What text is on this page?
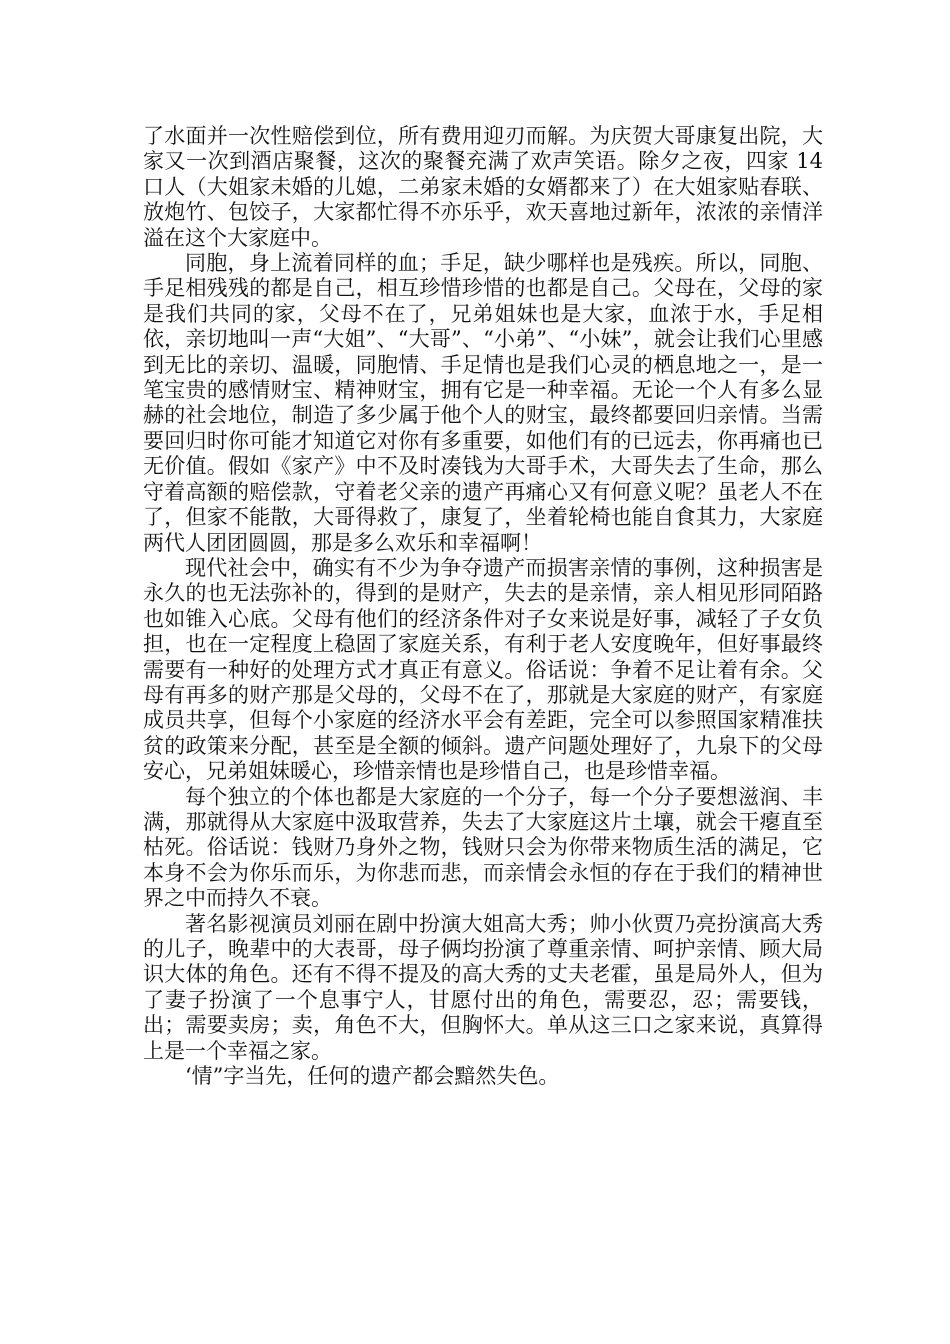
了水面并一次性赔偿到位，所有费用迎刃而解。为庆贺大哥康复出院，大家又一次到酒店聚餐，这次的聚餐充满了欢声笑语。除夕之夜，四家 14 口人（大姐家未婚的儿媳，二弟家未婚的女婿都来了）在大姐家贴春联、放炮竹、包饺子，大家都忙得不亦乐乎，欢天喜地过新年，浓浓的亲情洋溢在这个大家庭中。

同胞，身上流着同样的血；手足，缺少哪样也是残疾。所以，同胞、手足相残残的都是自己，相互珍惜珍惜的也都是自己。父母在，父母的家是我们共同的家，父母不在了，兄弟姐妹也是大家，血浓于水，手足相依，亲切地叫一声“大姐”、“大哥”、“小弟”、“小妹”，就会让我们心里感到无比的亲切、温暖，同胞情、手足情也是我们心灵的栖息地之一，是一笔宝贵的感情财宝、精神财宝，拥有它是一种幸福。无论一个人有多么显赫的社会地位，制造了多少属于他个人的财宝，最终都要回归亲情。当需要回归时你可能才知道它对你有多重要，如他们有的已远去，你再痛也已无价值。假如《家产》中不及时凑钱为大哥手术，大哥失去了生命，那么守着高额的赔偿款，守着老父亲的遗产再痛心又有何意义呢？虽老人不在了，但家不能散，大哥得救了，康复了，坐着轮椅也能自食其力，大家庭两代人团团圆圆，那是多么欢乐和幸福啊！

现代社会中，确实有不少为争夺遗产而损害亲情的事例，这种损害是永久的也无法弥补的，得到的是财产，失去的是亲情，亲人相见形同陌路也如锥入心底。父母有他们的经济条件对子女来说是好事，减轻了子女负担，也在一定程度上稳固了家庭关系，有利于老人安度晚年，但好事最终需要有一种好的处理方式才真正有意义。俗话说：争着不足让着有余。父母有再多的财产那是父母的，父母不在了，那就是大家庭的财产，有家庭成员共享，但每个小家庭的经济水平会有差距，完全可以参照国家精准扶贫的政策来分配，甚至是全额的倾斜。遗产问题处理好了，九泉下的父母安心，兄弟姐妹暖心，珍惜亲情也是珍惜自己，也是珍惜幸福。

每个独立的个体也都是大家庭的一个分子，每一个分子要想滋润、丰满，那就得从大家庭中汲取营养，失去了大家庭这片土壤，就会干瘪直至枯死。俗话说：钱财乃身外之物，钱财只会为你带来物质生活的满足，它本身不会为你乐而乐，为你悲而悲，而亲情会永恒的存在于我们的精神世界之中而持久不衰。

著名影视演员刘丽在剧中扮演大姐高大秀；帅小伙贾乃亮扮演高大秀的儿子，晚辈中的大表哥，母子俩均扮演了尊重亲情、呵护亲情、顾大局识大体的角色。还有不得不提及的高大秀的丈夫老霍，虽是局外人，但为了妻子扮演了一个息事宁人，甘愿付出的角色，需要忍，忍；需要钱，出；需要卖房；卖，角色不大，但胸怀大。单从这三口之家来说，真算得上是一个幸福之家。

‘情”字当先，任何的遗产都会黯然失色。
